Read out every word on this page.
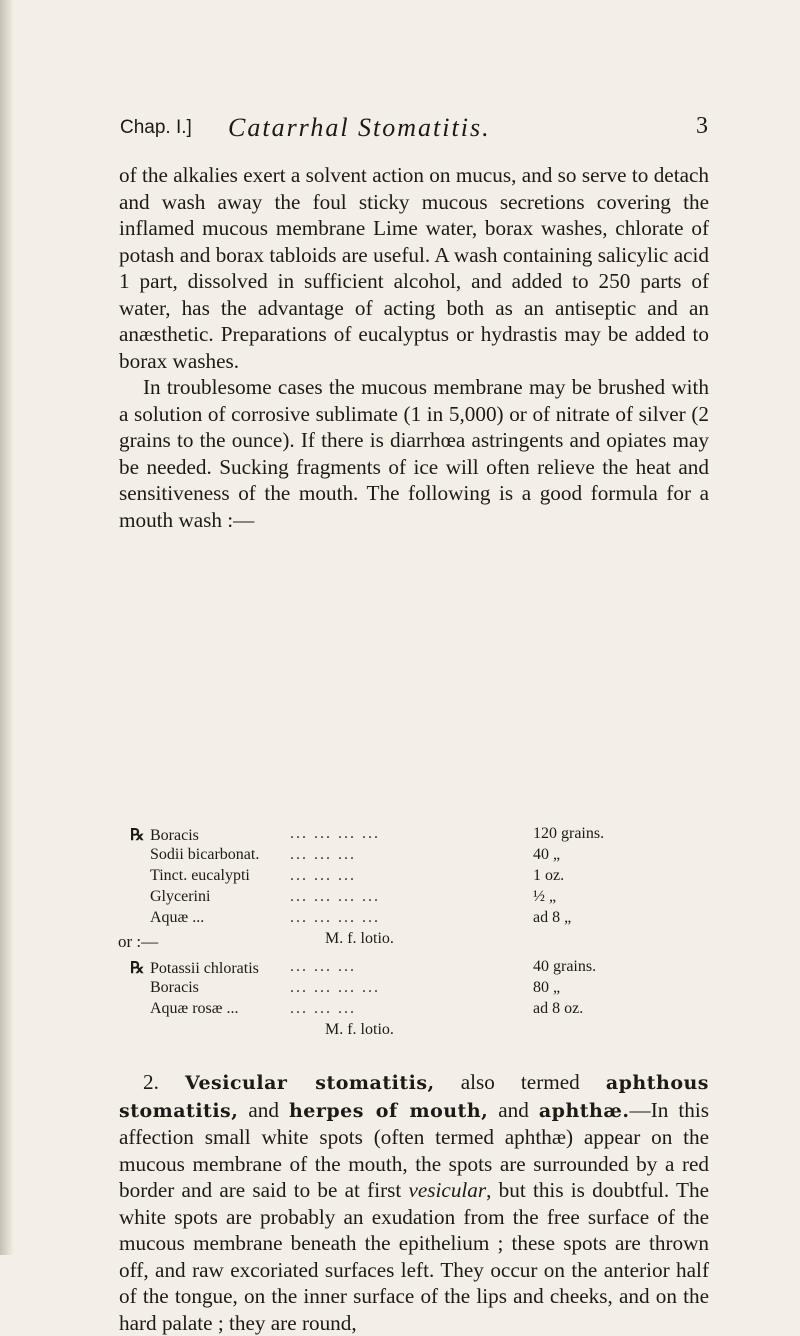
Chap. I.] Catarrhal Stomatitis.	3

of the alkalies exert a solvent action on mucus, and so serve to detach and wash away the foul sticky mucous secretions covering the inflamed mucous membrane Lime water, borax washes, chlorate of potash and borax tabloids are useful. A wash containing salicylic acid 1 part, dissolved in sufficient alcohol, and added to 250 parts of water, has the advantage of acting both as an antiseptic and an anæsthetic. Preparations of eucalyptus or hydrastis may be added to borax washes.

In troublesome cases the mucous membrane may be brushed with a solution of corrosive sublimate (1 in 5,000) or of nitrate of silver (2 grains to the ounce). If there is diarrhœa astringents and opiates may be needed. Sucking fragments of ice will often relieve the heat and sensitiveness of the mouth. The following is a good formula for a mouth wash :—

℞ Boracis	... ... ... ...	120 grains.
Sodii bicarbonat. ... ... ...	40 „
Tinct. eucalypti	... ... ...	1 oz.
Glycerini	... ... ... ...	½ „
Aquæ ...	... ... ... ...	ad 8 „
M. f. lotio.
or :—
℞ Potassii chloratis ... ... ...	40 grains.
Boracis	... ... ... ...	80 „
Aquæ rosæ ...	... ... ...	ad 8 oz.
M. f. lotio.

2. Vesicular stomatitis, also termed aphthous stomatitis, and herpes of mouth, and aphthæ.—In this affection small white spots (often termed aphthæ) appear on the mucous membrane of the mouth, the spots are surrounded by a red border and are said to be at first vesicular, but this is doubtful. The white spots are probably an exudation from the free surface of the mucous membrane beneath the epithelium ; these spots are thrown off, and raw excoriated surfaces left. They occur on the anterior half of the tongue, on the inner surface of the lips and cheeks, and on the hard palate ; they are round,
